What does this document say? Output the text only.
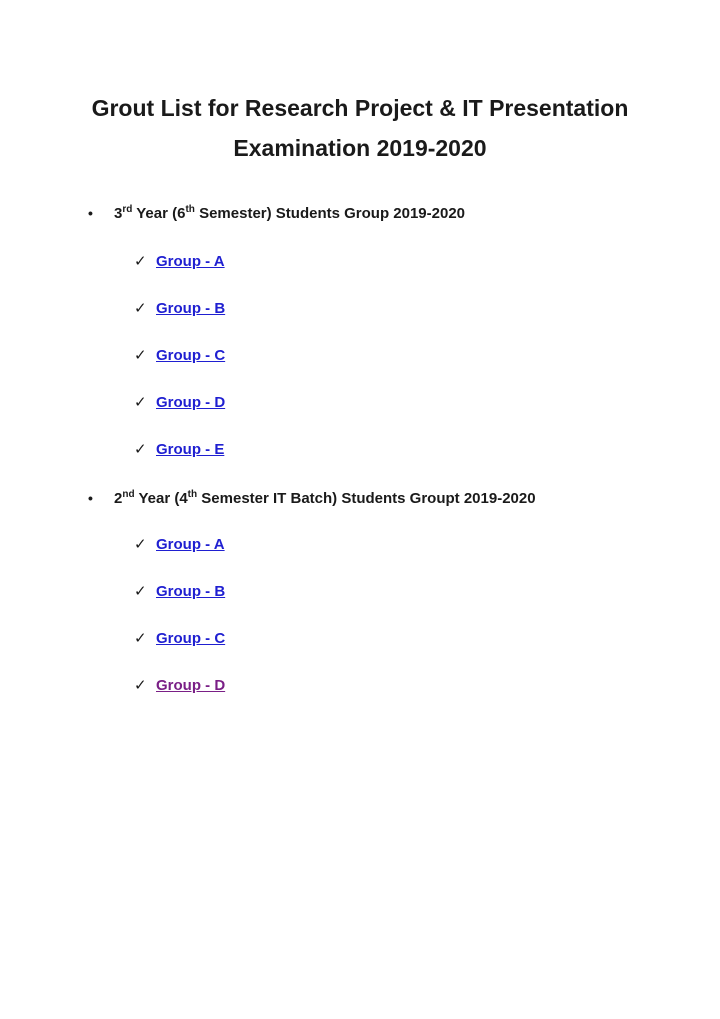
Grout List for Research Project & IT Presentation
Examination 2019-2020
• 3rd Year (6th Semester) Students Group 2019-2020
✓ Group - A
✓ Group - B
✓ Group - C
✓ Group - D
✓ Group - E
• 2nd Year (4th Semester IT Batch) Students Groupt 2019-2020
✓ Group - A
✓ Group - B
✓ Group - C
✓ Group - D
